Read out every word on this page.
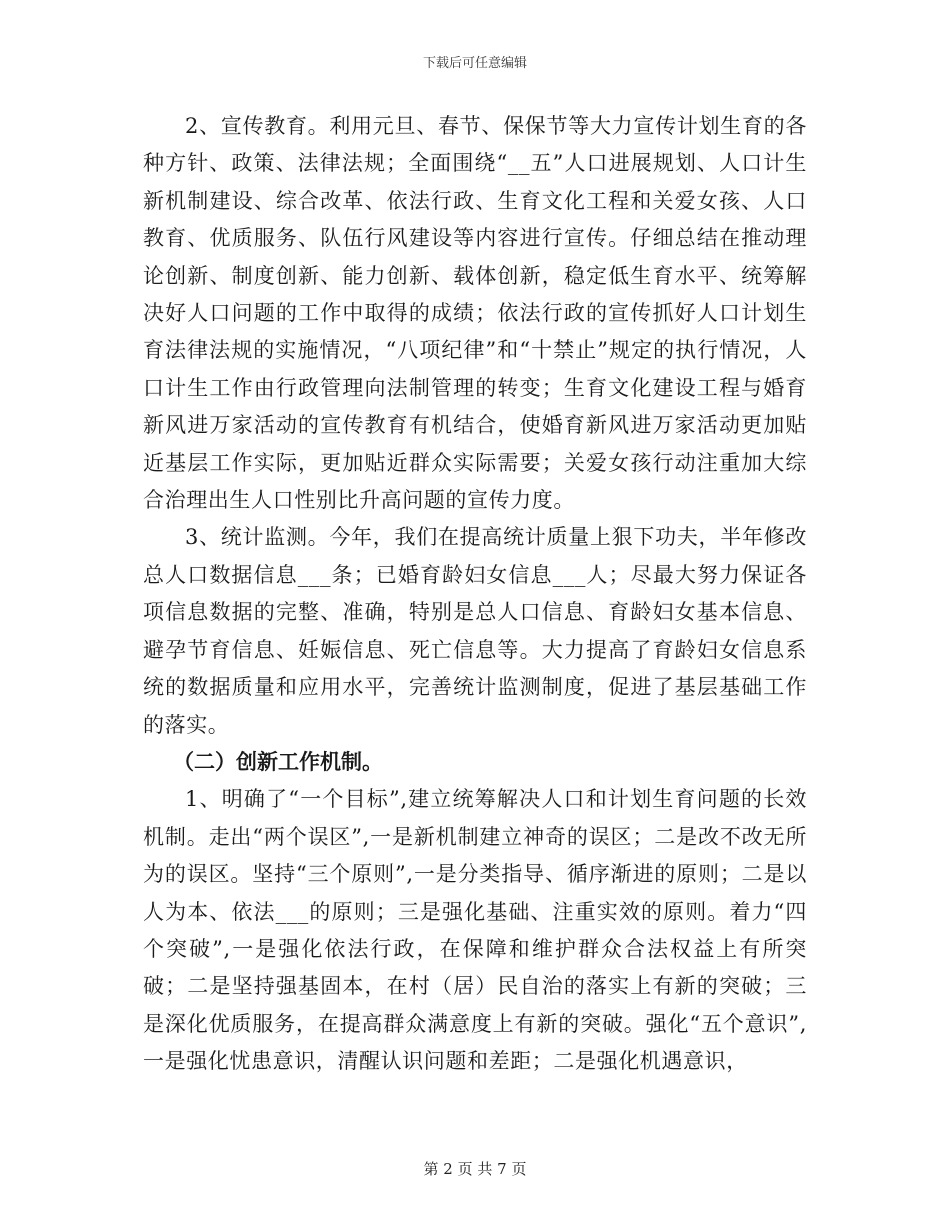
下载后可任意编辑

2、宣传教育。利用元旦、春节、保保节等大力宣传计划生育的各种方针、政策、法律法规；全面围绕“__五”人口进展规划、人口计生新机制建设、综合改革、依法行政、生育文化工程和关爱女孩、人口教育、优质服务、队伍行风建设等内容进行宣传。仔细总结在推动理论创新、制度创新、能力创新、载体创新，稳定低生育水平、统筹解决好人口问题的工作中取得的成绩；依法行政的宣传抓好人口计划生育法律法规的实施情况，“八项纪律”和“十禁止”规定的执行情况，人口计生工作由行政管理向法制管理的转变；生育文化建设工程与婚育新风进万家活动的宣传教育有机结合，使婚育新风进万家活动更加贴近基层工作实际，更加贴近群众实际需要；关爱女孩行动注重加大综合治理出生人口性别比升高问题的宣传力度。

3、统计监测。今年，我们在提高统计质量上狠下功夫，半年修改总人口数据信息___条；已婚育龄妇女信息___人；尽最大努力保证各项信息数据的完整、准确，特别是总人口信息、育龄妇女基本信息、避孕节育信息、妊娠信息、死亡信息等。大力提高了育龄妇女信息系统的数据质量和应用水平，完善统计监测制度，促进了基层基础工作的落实。

（二）创新工作机制。

1、明确了“一个目标”,建立统筹解决人口和计划生育问题的长效机制。走出“两个误区”,一是新机制建立神奇的误区；二是改不改无所为的误区。坚持“三个原则”,一是分类指导、循序渐进的原则；二是以人为本、依法___的原则；三是强化基础、注重实效的原则。着力“四个突破”,一是强化依法行政，在保障和维护群众合法权益上有所突破；二是坚持强基固本，在村（居）民自治的落实上有新的突破；三是深化优质服务，在提高群众满意度上有新的突破。强化“五个意识”,一是强化忧患意识，清醒认识问题和差距；二是强化机遇意识，

第 2 页 共 7 页
